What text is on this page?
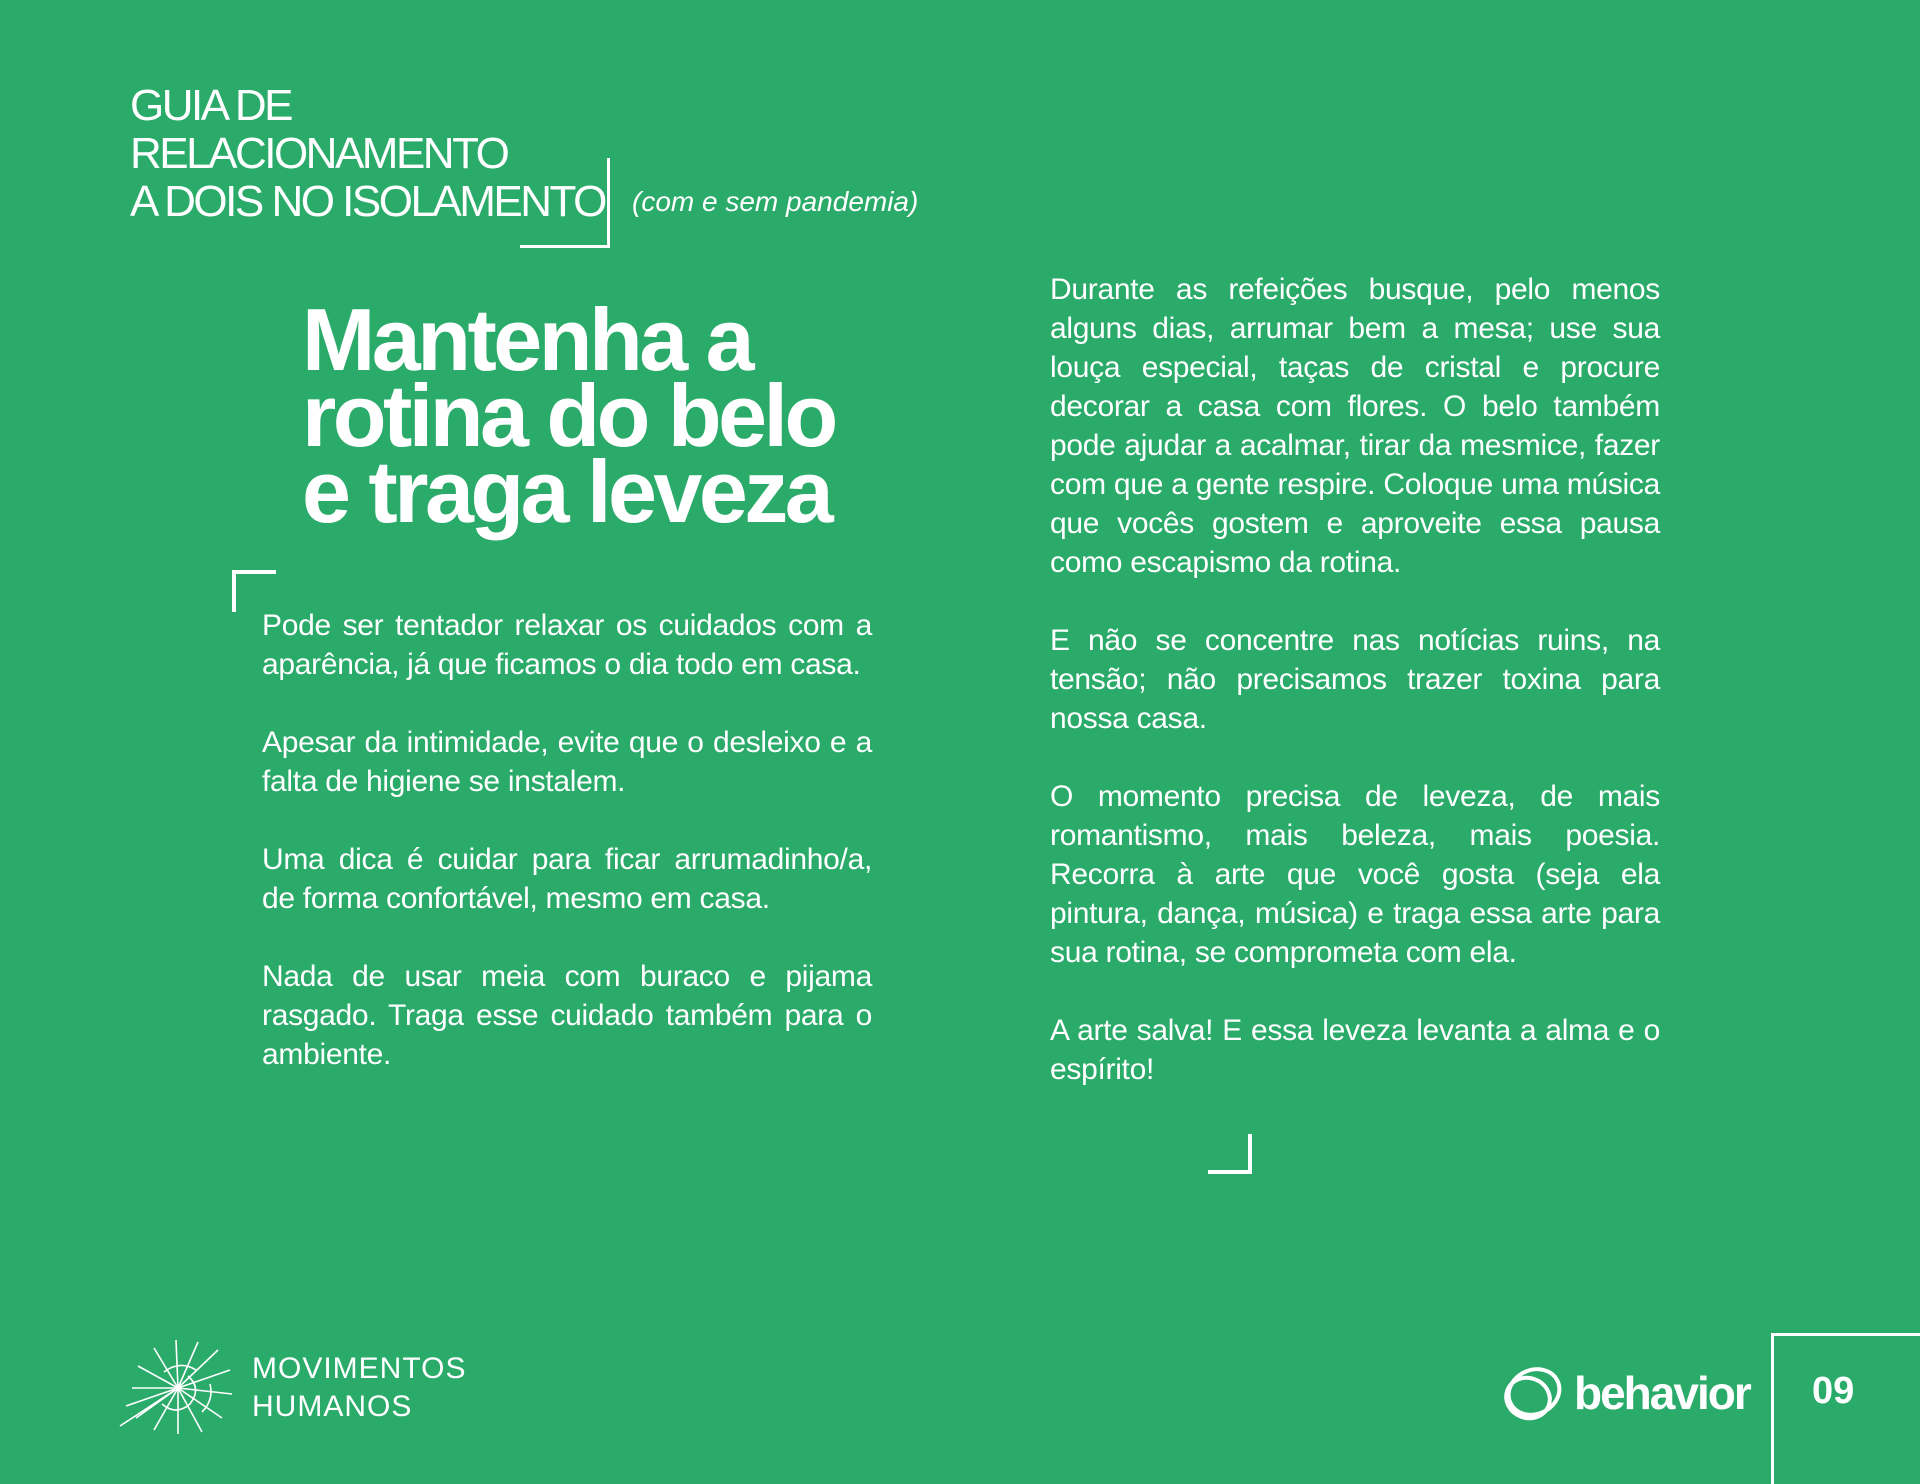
GUIA DE
RELACIONAMENTO
A DOIS NO ISOLAMENTO (com e sem pandemia)
Mantenha a
rotina do belo
e traga leveza

Pode ser tentador relaxar os cuidados com a aparência, já que ficamos o dia todo em casa.

Apesar da intimidade, evite que o desleixo e a falta de higiene se instalem.

Uma dica é cuidar para ficar arrumadinho/a, de forma confortável, mesmo em casa.

Nada de usar meia com buraco e pijama rasgado. Traga esse cuidado também para o ambiente.

Durante as refeições busque, pelo menos alguns dias, arrumar bem a mesa; use sua louça especial, taças de cristal e procure decorar a casa com flores. O belo também pode ajudar a acalmar, tirar da mesmice, fazer com que a gente respire. Coloque uma música que vocês gostem e aproveite essa pausa como escapismo da rotina.

E não se concentre nas notícias ruins, na tensão; não precisamos trazer toxina para nossa casa.

O momento precisa de leveza, de mais romantismo, mais beleza, mais poesia. Recorra à arte que você gosta (seja ela pintura, dança, música) e traga essa arte para sua rotina, se comprometa com ela.

A arte salva! E essa leveza levanta a alma e o espírito!

MOVIMENTOS
HUMANOS	behavior 09
